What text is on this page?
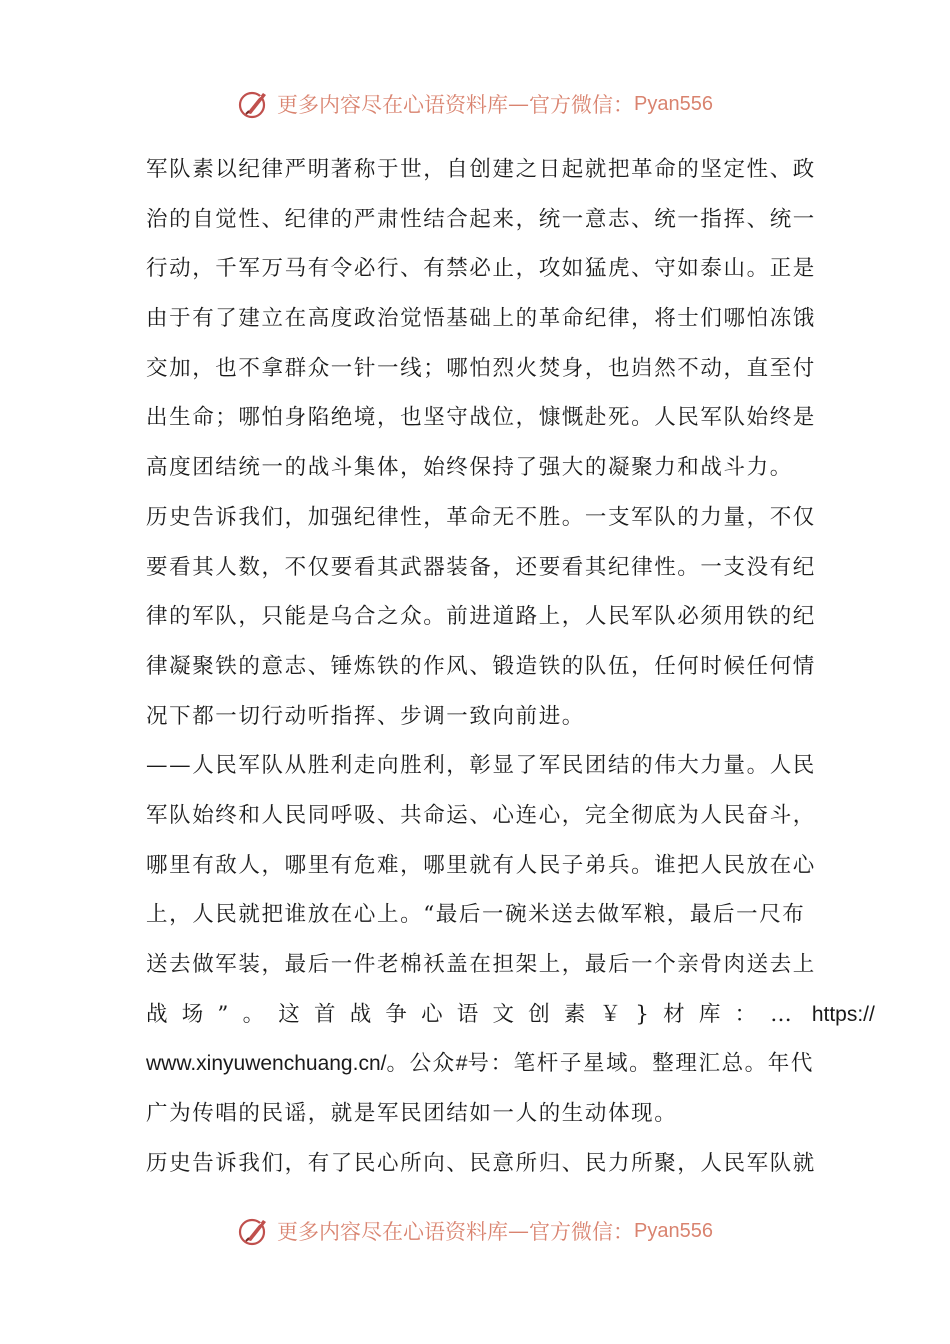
更多内容尽在心语资料库 — 官方微信： Pyan556
军队素以纪律严明著称于世，自创建之日起就把革命的坚定性、政
治的自觉性、纪律的严肃性结合起来，统一意志、统一指挥、统一
行动，千军万马有令必行、有禁必止，攻如猛虎、守如泰山。正是
由于有了建立在高度政治觉悟基础上的革命纪律，将士们哪怕冻饿
交加，也不拿群众一针一线；哪怕烈火焚身，也岿然不动，直至付
出生命；哪怕身陷绝境，也坚守战位，慷慨赴死。人民军队始终是
高度团结统一的战斗集体，始终保持了强大的凝聚力和战斗力。
历史告诉我们，加强纪律性，革命无不胜。一支军队的力量，不仅
要看其人数，不仅要看其武器装备，还要看其纪律性。一支没有纪
律的军队，只能是乌合之众。前进道路上，人民军队必须用铁的纪
律凝聚铁的意志、锤炼铁的作风、锻造铁的队伍，任何时候任何情
况下都一切行动听指挥、步调一致向前进。
——人民军队从胜利走向胜利，彰显了军民团结的伟大力量。人民
军队始终和人民同呼吸、共命运、心连心，完全彻底为人民奋斗，
哪里有敌人，哪里有危难，哪里就有人民子弟兵。谁把人民放在心
上，人民就把谁放在心上。“最后一碗米送去做军粮，最后一尺布
送去做军装，最后一件老棉袄盖在担架上，最后一个亲骨肉送去上
战场”。这首战争心语文创素￥}材库：… https://
www.xinyuwenchuang.cn/。公众#号：笔杆子星域。整理汇总。年代
广为传唱的民谣，就是军民团结如一人的生动体现。
历史告诉我们，有了民心所向、民意所归、民力所聚，人民军队就
更多内容尽在心语资料库 — 官方微信： Pyan556
